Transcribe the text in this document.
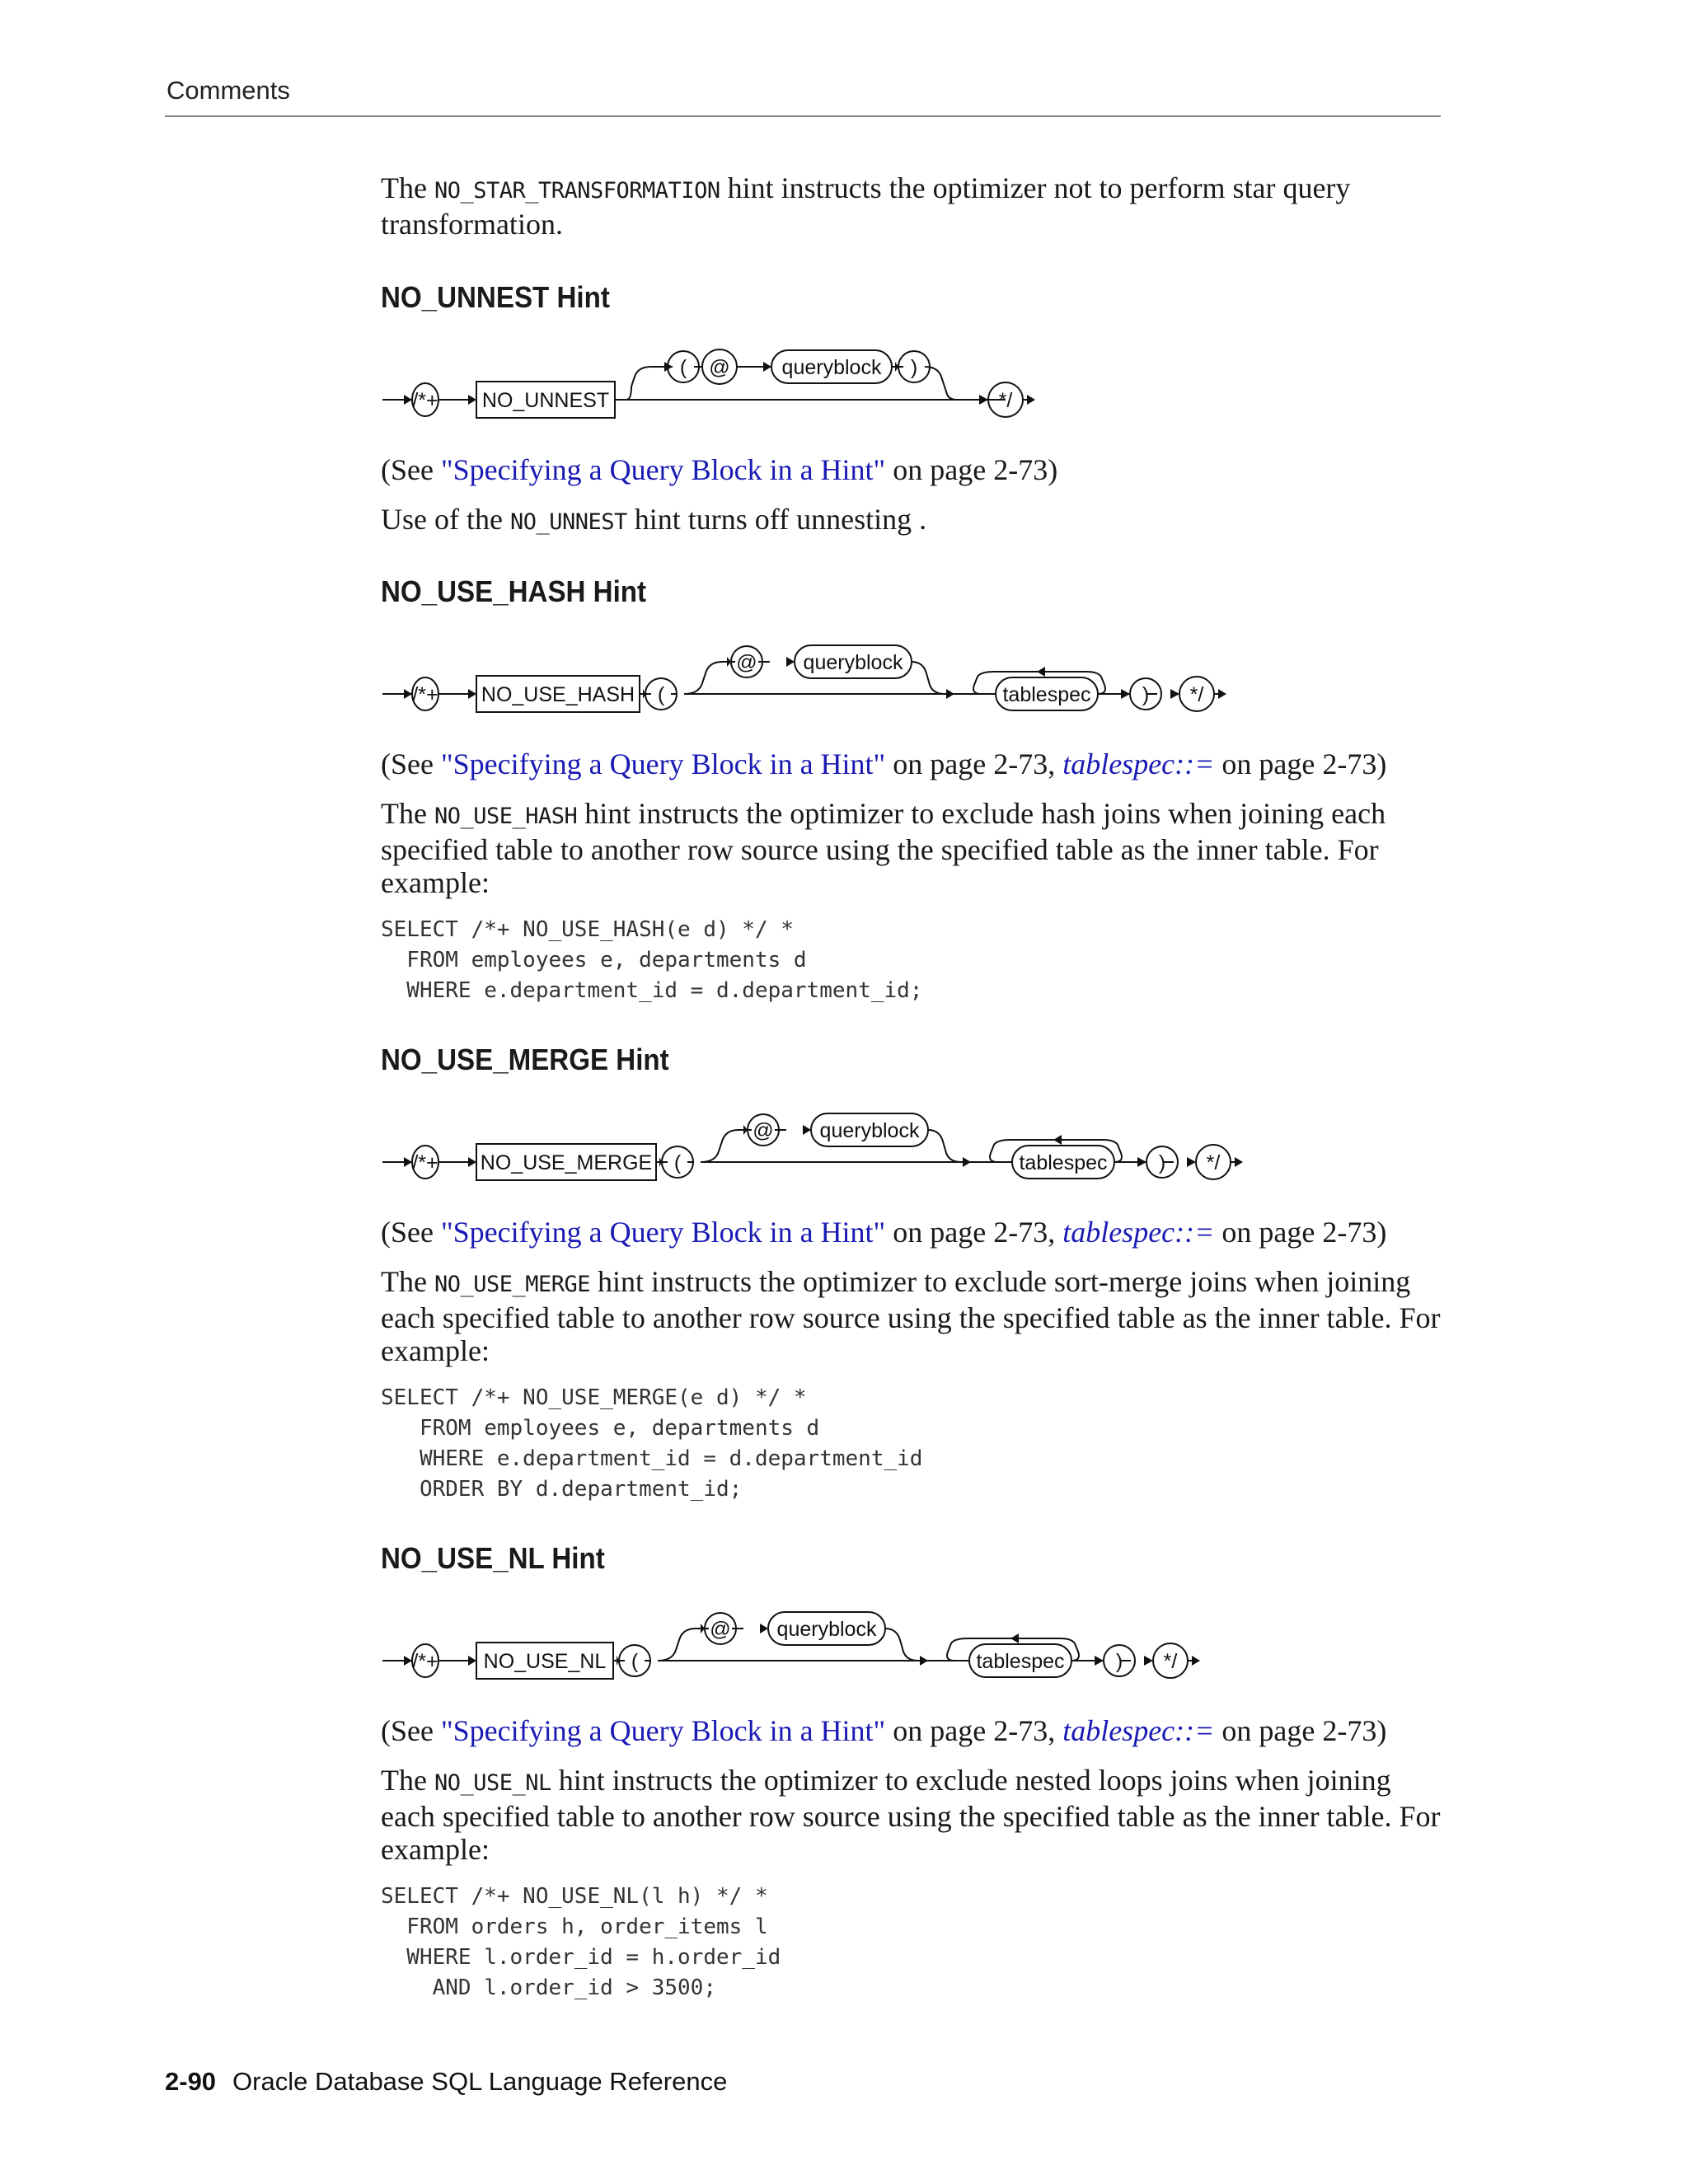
Comments

The NO_STAR_TRANSFORMATION hint instructs the optimizer not to perform star query transformation.

NO_UNNEST Hint
/*+ NO_UNNEST
( @	queryblock )
*/

(See "Specifying a Query Block in a Hint" on page 2-73)

Use of the NO_UNNEST hint turns off unnesting .

NO_USE_HASH Hint
/*+ NO_USE_HASH (
@ queryblock
tablespec ) */

(See "Specifying a Query Block in a Hint" on page 2-73, tablespec::= on page 2-73)

The NO_USE_HASH hint instructs the optimizer to exclude hash joins when joining each specified table to another row source using the specified table as the inner table. For example:

SELECT /*+ NO_USE_HASH(e d) */ *
FROM employees e, departments d
WHERE e.department_id = d.department_id;
NO_USE_MERGE Hint
/*+ NO_USE_MERGE (
@ queryblock
tablespec ) */

(See "Specifying a Query Block in a Hint" on page 2-73, tablespec::= on page 2-73)

The NO_USE_MERGE hint instructs the optimizer to exclude sort-merge joins when joining each specified table to another row source using the specified table as the inner table. For example:

SELECT /*+ NO_USE_MERGE(e d) */ *
FROM employees e, departments d
WHERE e.department_id = d.department_id
ORDER BY d.department_id;
NO_USE_NL Hint
/*+ NO_USE_NL (
@ queryblock
tablespec ) */

(See "Specifying a Query Block in a Hint" on page 2-73, tablespec::= on page 2-73)

The NO_USE_NL hint instructs the optimizer to exclude nested loops joins when joining each specified table to another row source using the specified table as the inner table. For example:

SELECT /*+ NO_USE_NL(l h) */ *
FROM orders h, order_items l
WHERE l.order_id = h.order_id
AND l.order_id > 3500;
2-90 Oracle Database SQL Language Reference
